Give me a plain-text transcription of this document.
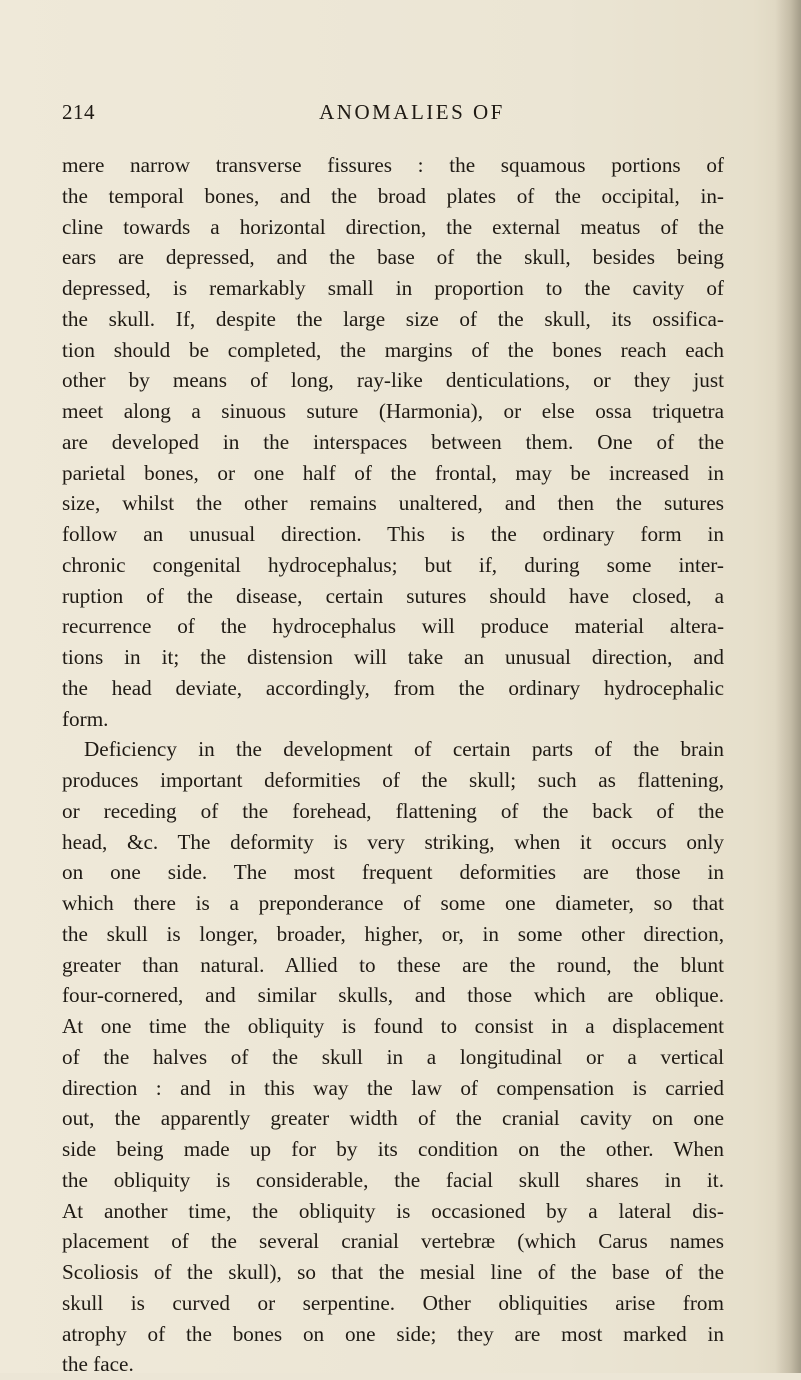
214	ANOMALIES OF
mere narrow transverse fissures : the squamous portions of
the temporal bones, and the broad plates of the occipital, in-
cline towards a horizontal direction, the external meatus of the
ears are depressed, and the base of the skull, besides being
depressed, is remarkably small in proportion to the cavity of
the skull. If, despite the large size of the skull, its ossifica-
tion should be completed, the margins of the bones reach each
other by means of long, ray-like denticulations, or they just
meet along a sinuous suture (Harmonia), or else ossa triquetra
are developed in the interspaces between them. One of the
parietal bones, or one half of the frontal, may be increased in
size, whilst the other remains unaltered, and then the sutures
follow an unusual direction. This is the ordinary form in
chronic congenital hydrocephalus; but if, during some inter-
ruption of the disease, certain sutures should have closed, a
recurrence of the hydrocephalus will produce material altera-
tions in it; the distension will take an unusual direction, and
the head deviate, accordingly, from the ordinary hydrocephalic
form.
Deficiency in the development of certain parts of the brain
produces important deformities of the skull; such as flattening,
or receding of the forehead, flattening of the back of the
head, &c. The deformity is very striking, when it occurs only
on one side. The most frequent deformities are those in
which there is a preponderance of some one diameter, so that
the skull is longer, broader, higher, or, in some other direction,
greater than natural. Allied to these are the round, the blunt
four-cornered, and similar skulls, and those which are oblique.
At one time the obliquity is found to consist in a displacement
of the halves of the skull in a longitudinal or a vertical
direction : and in this way the law of compensation is carried
out, the apparently greater width of the cranial cavity on one
side being made up for by its condition on the other. When
the obliquity is considerable, the facial skull shares in it.
At another time, the obliquity is occasioned by a lateral dis-
placement of the several cranial vertebræ (which Carus names
Scoliosis of the skull), so that the mesial line of the base of the
skull is curved or serpentine. Other obliquities arise from
atrophy of the bones on one side; they are most marked in
the face.
